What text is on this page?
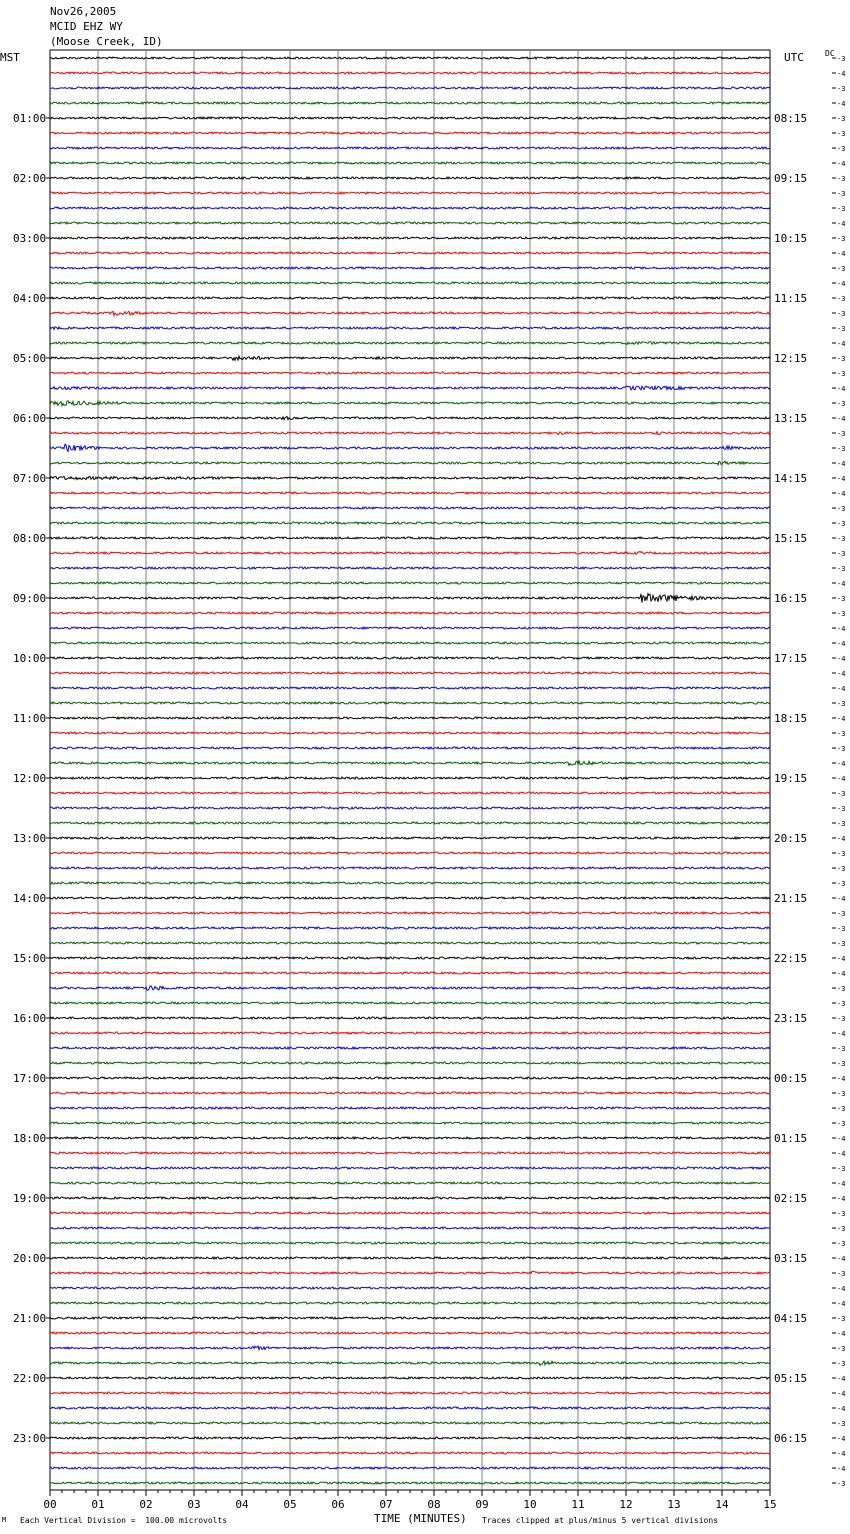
01:00
02:00
03:00
04:00
05:00
06:00
07:00
08:00
09:00
10:00
11:00
12:00
13:00
14:00
15:00
16:00
17:00
18:00
19:00
20:00
21:00
22:00
23:00
08:15
09:15
10:15
11:15
12:15
13:15
14:15
15:15
16:15
17:15
18:15
19:15
20:15
21:15
22:15
23:15
00:15
01:15
02:15
03:15
04:15
05:15
06:15
-3
-4
-3
-4
-3
-3
-3
-4
-3
-3
-3
-4
-3
-4
-3
-4
-3
-3
-3
-4
-3
-3
-4
-3
-4
-3
-3
-4
-4
-4
-3
-3
-3
-3
-3
-4
-3
-3
-4
-4
-4
-4
-4
-3
-4
-3
-3
-4
-4
-3
-3
-3
-4
-3
-3
-3
-4
-3
-3
-3
-4
-4
-3
-3
-3
-4
-3
-3
-4
-3
-3
-3
-4
-4
-3
-4
-4
-3
-3
-3
-4
-3
-4
-4
-3
-4
-3
-3
-4
-4
-4
-3
-4
-4
-4
-3
00	01	02	03	04	05	06	07	08	09	10	11	12	13	14	15
Nov26,2005
MCID EHZ WY
(Moose Creek, ID)
MST	UTC	DC
M Each Vertical Division =  100.00 microvolts	TIME (MINUTES) Traces clipped at plus/minus 5 vertical divisions
